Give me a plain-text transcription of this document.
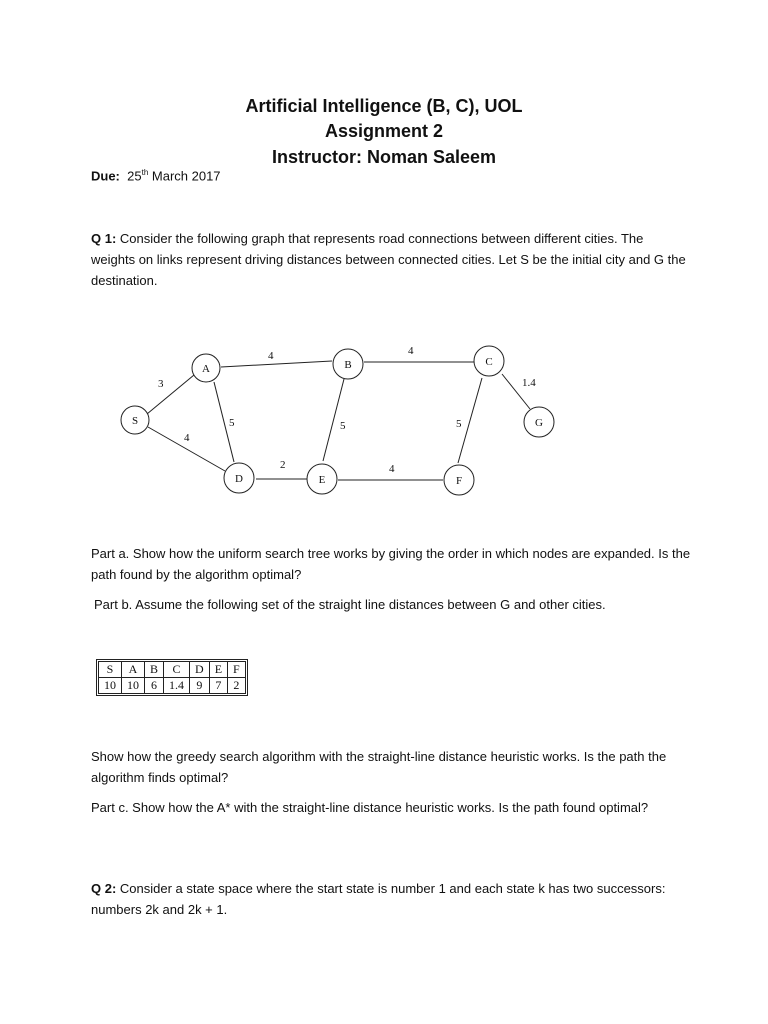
Artificial Intelligence (B, C), UOL

Assignment 2

Instructor: Noman Saleem

Due: 25th March 2017

Q 1: Consider the following graph that represents road connections between different cities. The weights on links represent driving distances between connected cities. Let S be the initial city and G the destination.

3
4
4
5
4
5
1.4
5
2	4
S
A	B	C
G
D	E	F

Part a. Show how the uniform search tree works by giving the order in which nodes are expanded. Is the path found by the algorithm optimal?

Part b. Assume the following set of the straight line distances between G and other cities.

S	A	B	C	D	E	F
10	10	6	1.4	9	7	2

Show how the greedy search algorithm with the straight-line distance heuristic works. Is the path the algorithm finds optimal?

Part c. Show how the A* with the straight-line distance heuristic works. Is the path found optimal?

Q 2: Consider a state space where the start state is number 1 and each state k has two successors: numbers 2k and 2k + 1.
